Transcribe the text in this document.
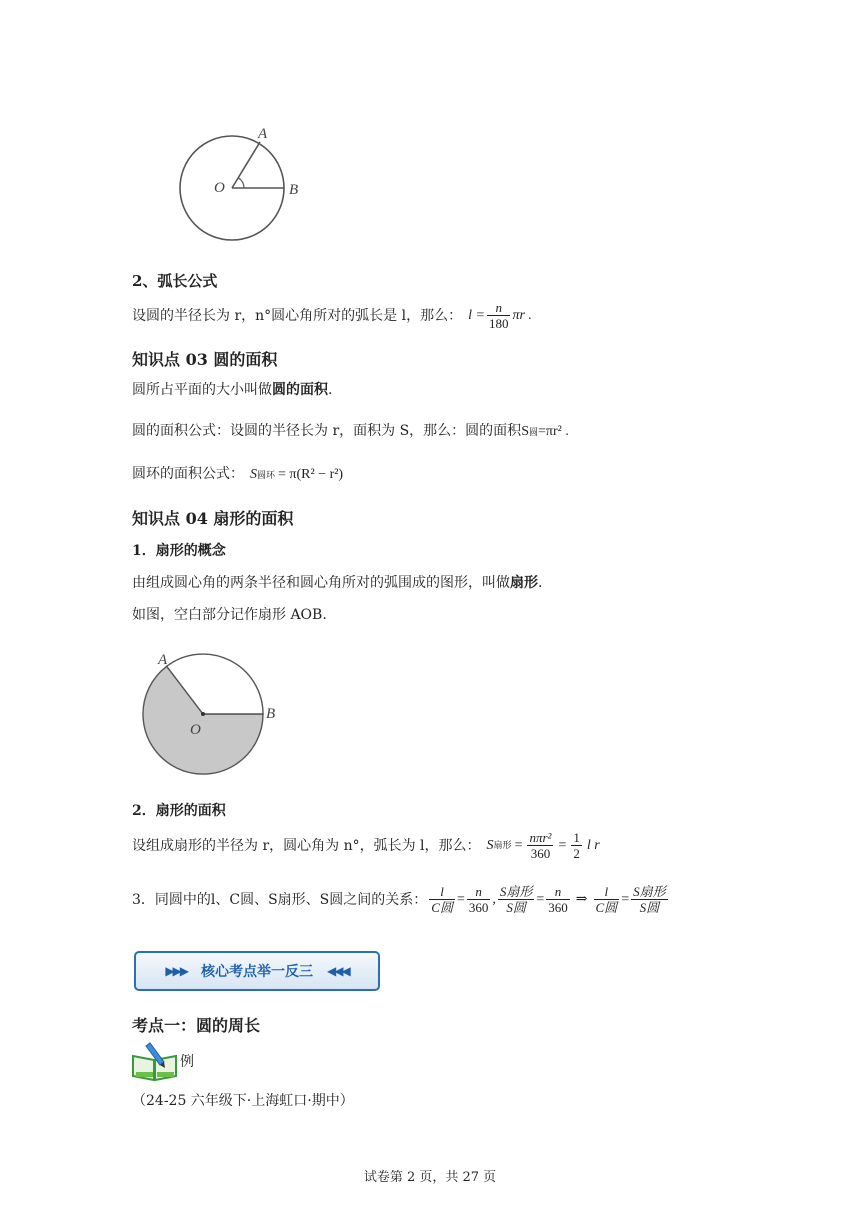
A
O	B
2、弧长公式
设圆的半径长为 r，n°圆心角所对的弧长是 l，那么： $l = \frac{n}{180}$ πr .
知识点 03 圆的面积
圆所占平面的大小叫做圆的面积.
圆的面积公式：设圆的半径长为 r，面积为 S，那么：圆的面积S圆=πr² .
圆环的面积公式： S圆环 = π(R² − r²)
知识点 04 扇形的面积
1．扇形的概念
由组成圆心角的两条半径和圆心角所对的弧围成的图形，叫做扇形.
如图，空白部分记作扇形 AOB.
A
O
B
2．扇形的面积
设组成扇形的半径为 r，圆心角为 n°，弧长为 l，那么： S 扇形 = $\frac{\text{nπr²}}{360} = \frac{1}{2}$ l r
3．同圆中的l、C圆、S扇形、S圆之间的关系： $\frac{l}{\text{C圆}} = \frac{n}{360}$ , $\frac{\text{S扇形}}{\text{S圆}} = \frac{n}{360}$ ⇒ $\frac{l}{\text{C圆}} = \frac{\text{S扇形}}{\text{S圆}}$
▶▶▶ 核心考点举一反三 ◀◀◀
考点一：圆的周长
例
（24-25 六年级下·上海虹口·期中）
试卷第 2 页，共 27 页
